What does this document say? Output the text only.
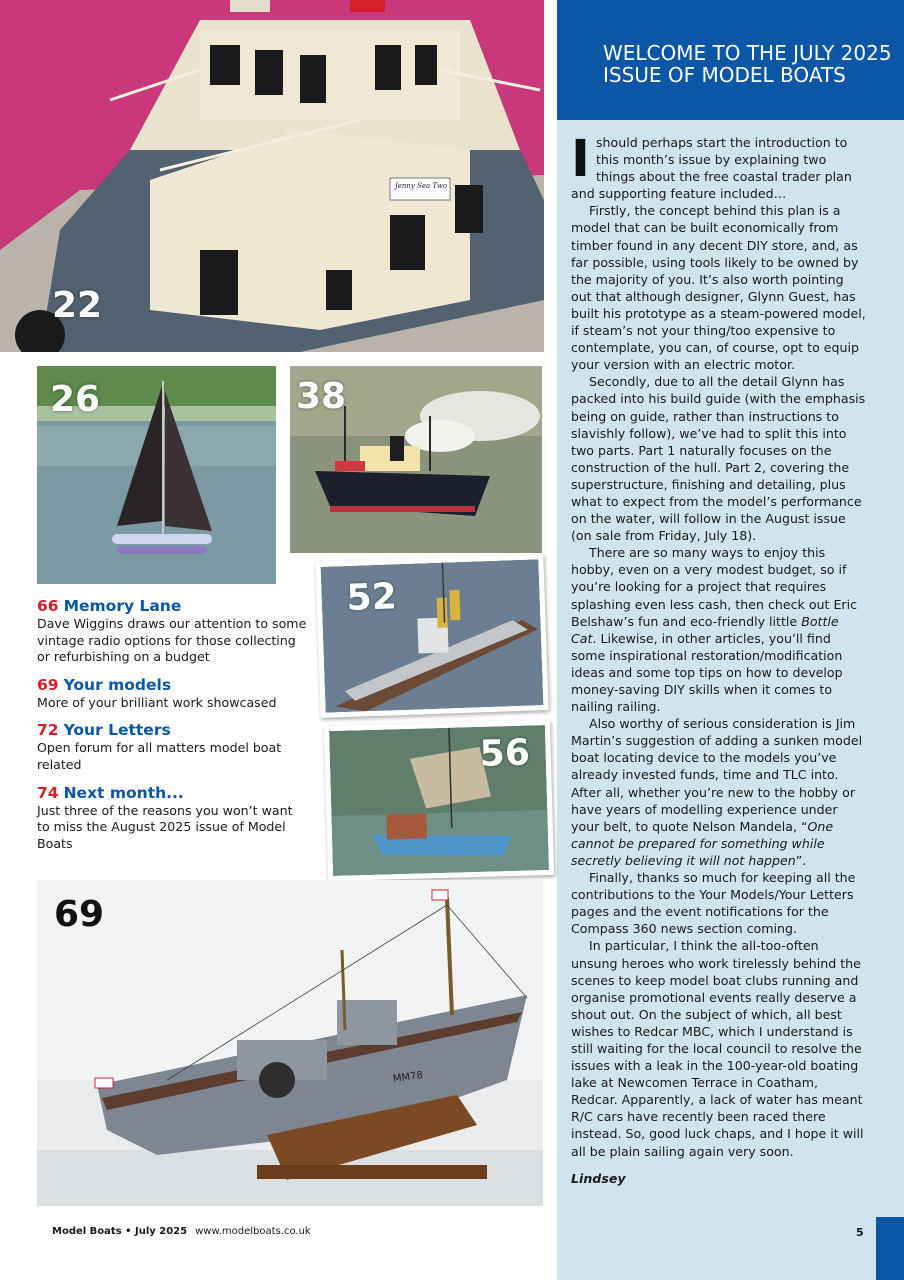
WELCOME TO THE JULY 2025 ISSUE OF MODEL BOATS
22
Jenny Sea Two
26	38
52
56
66 Memory Lane
Dave Wiggins draws our attention to some vintage radio options for those collecting or refurbishing on a budget
69 Your models
More of your brilliant work showcased
72 Your Letters
Open forum for all matters model boat related
74 Next month...
Just three of the reasons you won’t want to miss the August 2025 issue of Model Boats
69
MM78

Ishould perhaps start the introduction to this month’s issue by explaining two things about the free coastal trader plan and supporting feature included…

Firstly, the concept behind this plan is a model that can be built economically from timber found in any decent DIY store, and, as far possible, using tools likely to be owned by the majority of you. It’s also worth pointing out that although designer, Glynn Guest, has built his prototype as a steam-powered model, if steam’s not your thing/too expensive to contemplate, you can, of course, opt to equip your version with an electric motor.

Secondly, due to all the detail Glynn has packed into his build guide (with the emphasis being on guide, rather than instructions to slavishly follow), we’ve had to split this into two parts. Part 1 naturally focuses on the construction of the hull. Part 2, covering the superstructure, finishing and detailing, plus what to expect from the model’s performance on the water, will follow in the August issue (on sale from Friday, July 18).

There are so many ways to enjoy this hobby, even on a very modest budget, so if you’re looking for a project that requires splashing even less cash, then check out Eric Belshaw’s fun and eco-friendly little Bottle Cat. Likewise, in other articles, you’ll find some inspirational restoration/modification ideas and some top tips on how to develop money-saving DIY skills when it comes to nailing railing.

Also worthy of serious consideration is Jim Martin’s suggestion of adding a sunken model boat locating device to the models you’ve already invested funds, time and TLC into. After all, whether you’re new to the hobby or have years of modelling experience under your belt, to quote Nelson Mandela, “One cannot be prepared for something while secretly believing it will not happen”.

Finally, thanks so much for keeping all the contributions to the Your Models/Your Letters pages and the event notifications for the Compass 360 news section coming.

In particular, I think the all-too-often unsung heroes who work tirelessly behind the scenes to keep model boat clubs running and organise promotional events really deserve a shout out. On the subject of which, all best wishes to Redcar MBC, which I understand is still waiting for the local council to resolve the issues with a leak in the 100-year-old boating lake at Newcomen Terrace in Coatham, Redcar. Apparently, a lack of water has meant R/C cars have recently been raced there instead. So, good luck chaps, and I hope it will all be plain sailing again very soon.

Lindsey

Model Boats • July 2025 www.modelboats.co.uk	5
